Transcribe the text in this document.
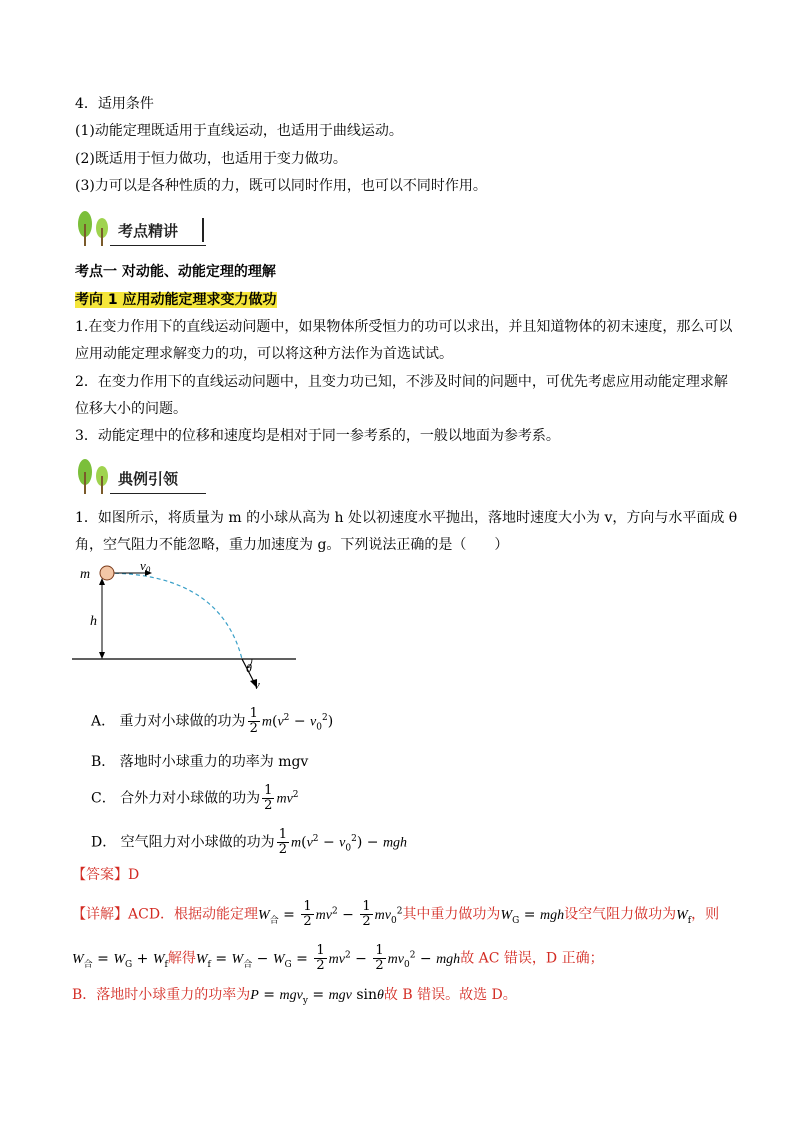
4．适用条件
(1)动能定理既适用于直线运动，也适用于曲线运动。
(2)既适用于恒力做功，也适用于变力做功。
(3)力可以是各种性质的力，既可以同时作用，也可以不同时作用。
考点精讲
考点一 对动能、动能定理的理解
考向 1 应用动能定理求变力做功
1.在变力作用下的直线运动问题中，如果物体所受恒力的功可以求出，并且知道物体的初末速度，那么可以
应用动能定理求解变力的功，可以将这种方法作为首选试试。
2．在变力作用下的直线运动问题中，且变力功已知，不涉及时间的问题中，可优先考虑应用动能定理求解
位移大小的问题。
3．动能定理中的位移和速度均是相对于同一参考系的，一般以地面为参考系。
典例引领
1．如图所示，将质量为 m 的小球从高为 h 处以初速度水平抛出，落地时速度大小为 v，方向与水平面成 θ
角，空气阻力不能忽略，重力加速度为 g。下列说法正确的是（　　）
m
$v_0$
h
θ
v
A． 重力对小球做的功为 $\frac{1}{2} m(v^2 - v_0^2)$
B． 落地时小球重力的功率为 mgv
C． 合外力对小球做的功为 $\frac{1}{2} mv^2$
D． 空气阻力对小球做的功为 $\frac{1}{2} m(v^2 - v_0^2)$ − mgh
【答案】D
【详解】ACD．根据动能定理$W_合 = \frac{1}{2} mv^2 - \frac{1}{2} mv_0^2$其中重力做功为$W_G$ = mgh设空气阻力做功为$W_f$，则
$W_合 = W_G + W_f$解得$W_f = W_合 - W_G = \frac{1}{2} mv^2 - \frac{1}{2} mv_0^2$ − mgh故 AC 错误，D 正确；
B．落地时小球重力的功率为P = mgv$_y$ = mgv sinθ故 B 错误。故选 D。
